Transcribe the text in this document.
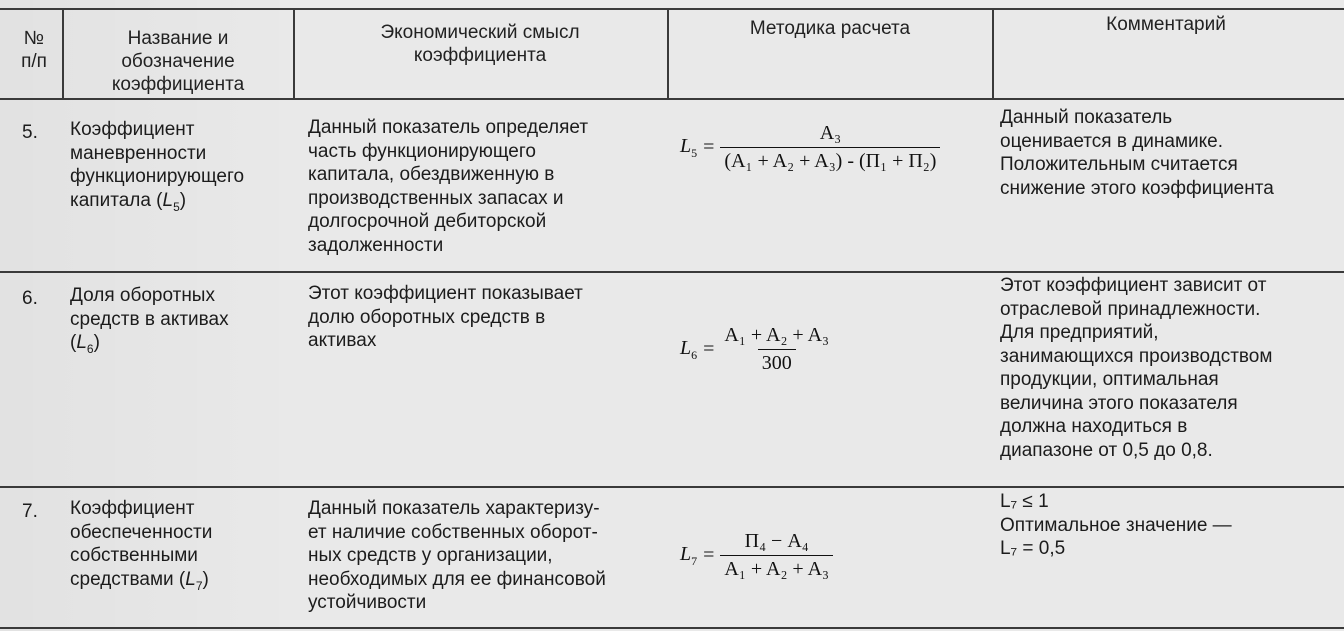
№
п/п
Название и
обозначение
коэффициента
Экономический смысл
коэффициента
Методика расчета	Комментарий
5. Коэффициент
маневренности
функционирующего
капитала $(L_5)$
Данный показатель определяет
часть функционирующего
капитала, обездвиженную в
производственных запасах и
долгосрочной дебиторской
задолженности
$L_5 = \frac{\text{A₃}}{\text{(A₁ + A₂ + A₃) - (П₁ + П₂)}}$
Данный показатель
оценивается в динамике.
Положительным считается
снижение этого коэффициента
6. Доля оборотных
средств в активах
$(L_6)$
Этот коэффициент показывает
долю оборотных средств в
активах	$L_6 = \frac{\text{A₁ + A₂ + A₃}}{300}$
Этот коэффициент зависит от
отраслевой принадлежности.
Для предприятий,
занимающихся производством
продукции, оптимальная
величина этого показателя
должна находиться в
диапазоне от 0,5 до 0,8.
7. Коэффициент
обеспеченности
собственными
средствами $(L_7)$
Данный показатель характеризу-
ет наличие собственных оборот-
ных средств у организации,
необходимых для ее финансовой
устойчивости
$L_7 = \frac{\text{П₄ − A₄}}{\text{A₁ + A₂ + A₃}}$
L₇ ≤ 1
Оптимальное значение —
L₇ = 0,5
